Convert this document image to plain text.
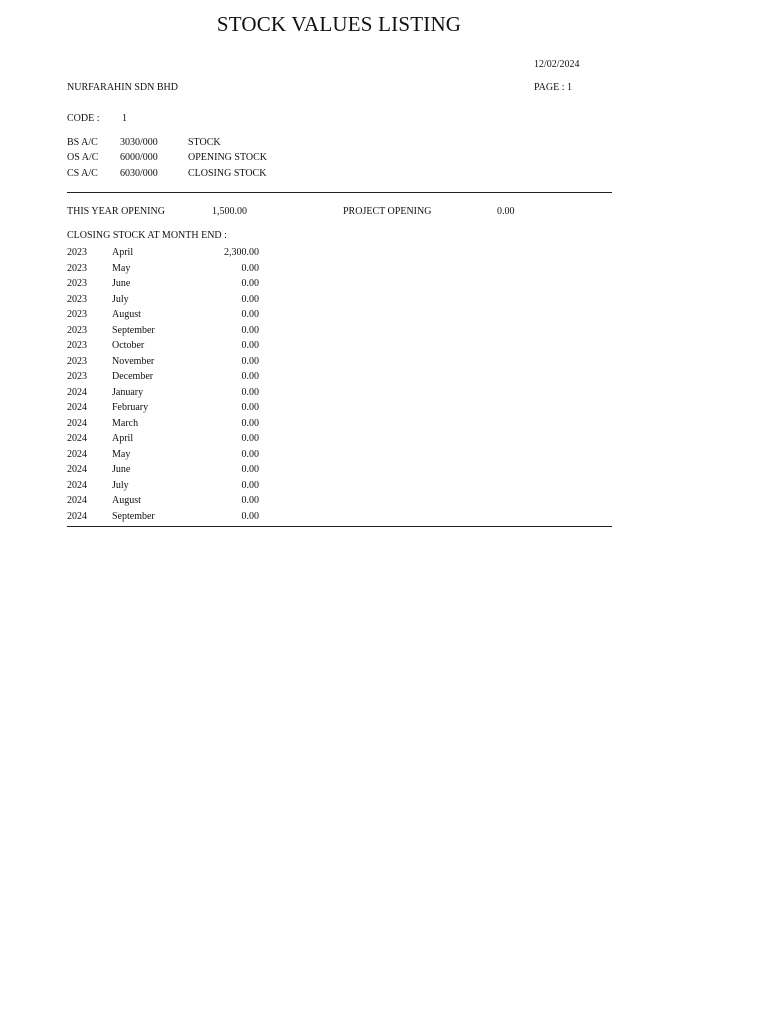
STOCK VALUES LISTING
12/02/2024
NURFARAHIN SDN BHD	PAGE : 1
CODE : 1
BS A/C 3030/000	STOCK
OS A/C 6000/000	OPENING STOCK
CS A/C 6030/000	CLOSING STOCK
THIS YEAR OPENING	1,500.00	PROJECT OPENING	0.00
CLOSING STOCK AT MONTH END :
2023	April	2,300.00
2023	May	0.00
2023	June	0.00
2023	July	0.00
2023	August	0.00
2023	September	0.00
2023	October	0.00
2023	November	0.00
2023	December	0.00
2024	January	0.00
2024	February	0.00
2024	March	0.00
2024	April	0.00
2024	May	0.00
2024	June	0.00
2024	July	0.00
2024	August	0.00
2024	September	0.00
